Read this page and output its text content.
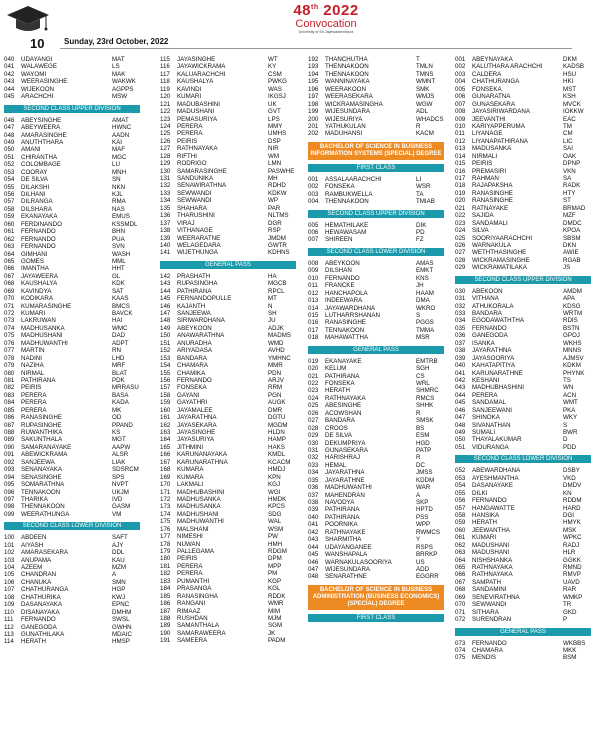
10 Sunday, 23rd October, 2022
48th 2022
Convocation
University of Sri Jayewardenepura
040	UDAYANGI	MAT
041	WALAWEGE	LS
042	WAYOMI	MAK
043	WEERASINGHE	WAKWK
044	WIJEKOON	AGPPS
045	ARACHCHI	MSW
SECOND CLASS UPPER DIVISION
046	ABEYSINGHE	AMAT
047	ABEYWEERA	HWNC
048	AMARASINGHE	AADN
049	ANUTHTHARA	KAI
050	AMANI	MAF
051	CHIRANTHA	MGC
052	COLOMBAGE	LU
053	COORAY	MNH
054	DE SILVA	SN
055	DILAKSHI	NKN
056	DILHANI	KJL
057	DILRANGA	RMA
058	DILSHARA	NAS
059	EKANAYAKA	EMUS
060	FERDINANDO	KSSMDL
061	FERNANDO	BHN
062	FERNANDO	PUA
063	FERNANDO	SVN
064	GIMHANI	WASH
065	GOMES	MML
066	IMANTHA	HHT
067	JAYAWEERA	GL
068	KAUSHALYA	KDK
069	KAVINDYA	SAT
070	KODIKARA	KAAS
071	KUMARASINGHE	BMCS
072	KUMARI	BAVCK
073	LAKRUWAN	HAI
074	MADHUSANKA	WMC
075	MADHUSHANI	DAD
076	MADHUWANTHI	ADPT
077	MARTIN	RN
078	NADINI	LHD
079	NAZIHA	MRF
080	NIRMAL	BLAT
081	PATHIRANA	PDK
082	PEIRIS	MRRASU
083	PERERA	BASA
084	PERERA	KADA
085	PERERA	MK
086	RANASINGHE	OD
087	RUPASINGHE	PPAND
088	RUWANTHIKA	KS
089	SAKUNTHALA	MGT
090	SAMARANAYAKE	AAPW
091	ABEWICKRAMA	ALSR
092	SANJEEWA	LIAK
093	SENANAYAKA	SDSRCM
094	SENASINGHE	SPS
095	SOMARATHNA	NVPT
096	TENNAKOON	UKJM
097	THARIKA	IVD
098	THENNAKOON	GASM
099	WEERATHUNGA	VM
SECOND CLASS LOWER DIVISION
100	ABDEEN	SAFT
101	AIYASH	AJY
102	AMARASEKARA	DDL
103	ANUPAMA	KAU
104	AZEEM	MZM
105	CHANDRAN	A
106	CHANUKA	SMN
107	CHATHURANGA	HGP
108	CHATHURIKA	KWJ
109	DASANAYAKA	EPNC
110	DISANAYAKA	DMHM
111	FERNANDO	SWSL
112	GANEGODA	GWHN
113	GUNATHILAKA	MDAIC
114	HERATH	HMSP
115	JAYASINGHE	WT
116	JAYAWICKRAMA	KY
117	KALUARACHCHI	CSM
118	KAUSHALYA	PWKG
119	KAVINDI	WAS
120	KUMARI	IKGSJ
121	MADUBASHINI	UK
122	MADUSHANI	GVT
123	PEMASURIYA	LPS
124	PERERA	MMY
125	PERERA	UMHS
126	PEIRIS	DSP
127	RATHNAYAKA	NIR
128	RIFTHI	WM
129	RODRIGO	LMN
130	SAMARASINGHE	PASWHE
131	SANDUNIKA	MH
132	SENAWIRATHNA	RDHD
133	SEWWANDI	KDKW
134	SEWWANDI	WP
135	SHAHARA	PAR
136	THARUSHINI	NLTMS
137	VIRAJ	DGR
138	VITHANAGE	RSP
139	WEERARATNE	JMDM
140	WELAGEDARA	GWTR
141	WIJETHUNGA	KDHNS
GENERAL PASS
142	PRASHATH	HA
143	RUPASINGHA	MGCB
144	PATHIRANA	RPCL
145	FERNANDOPULLE	MT
146	KAJANTH	N
147	SANJEEWA	SH
148	SIRIWARDHANA	JU
149	ABEYKOON	ADJK
150	ANAWARATHNA	MADMS
151	ANURADHA	WMD
152	ARIYADASA	AVHD
153	BANDARA	YMHNC
154	CHAMARA	MMR
155	CHAMIKA	PDN
156	FERNANDO	ARJV
157	FONSEKA	RRM
158	GAYANI	PGN
159	GAYATHRI	AUGK
160	JAYAMALEE	DMR
161	JAYARATHNA	DGTU
162	JAYASEKARA	MGDM
163	JAYASINGHE	HLDN
164	JAYASURIYA	HAMP
165	JITHMINI	HAKS
166	KARUNANAYAKA	KMDL
167	KARUNARATHNA	KCACM
168	KUMARA	HMDJ
169	KUMARA	KPN
170	LAKMALI	KGJ
171	MADHUBASHINI	WGI
172	MADHUSANKA	HMDK
173	MADHUSANKA	KPCS
174	MADHUSHANI	SDG
175	MADHUWANTHI	WAL
176	MALSHANI	WSM
177	NIMESHI	PW
178	NUWAN	HMH
179	PALLEGAMA	RDGM
180	PEIRIS	DPM
181	PERERA	MPP
182	PERERA	PM
183	PUMANTHI	KGP
184	PRASANGA	KGL
185	RANASINGHA	RDDK
186	RANGANI	WMR
187	RIMAAZ	MIM
188	RUSHDAN	MJM
189	SAMANTHALA	SGM
190	SAMARAWEERA	JK
191	SAMEERA	PADM
192	THANCHUTHA	T
193	THENNAKOON	TMLN
194	THENNAKOON	TMNS
195	WANNINAYAKA	WMNT
196	WEERAKOON	SMK
197	WEERASEKARA	WMJS
198	WICKRAMASINGHA	WGW
199	WIJESUNDARA	ADL
200	WIJESURIYA	WHADCS
201	YATHUKULAN	R
202	MADUHANSI	KACM
BACHELOR OF SCIENCE IN BUSINESS INFORMATION SYSTEMS (SPECIAL) DEGREE
FIRST CLASS
001	ASSALAARACHCHI	LI
002	FONSEKA	WSR
003	RAMBUKWELLA	TA
004	THENNAKOON	TMIAB
SECOND CLASS UPPER DIVISION
005	HEMATHILAKE	DIK
006	HEWAWASAM	PD
007	SHIREEN	FZ
SECOND CLASS LOWER DIVISION
008	ABEYKOON	AMAS
009	DILSHAN	EMKT
010	FERNANDO	KNS
011	FRANCKE	JH
012	HANCHAPOLA	HAAM
013	INDEEWARA	DMA
014	JAYAWARDHANA	WKRO
015	LUTHARRSHANAN	S
016	RANASINGHE	PGGS
017	TENNAKOON	TMMA
018	MAHAWATTHA	MSR
GENERAL PASS
019	EKANAYAKE	EMTRB
020	KELUM	SGH
021	PATHIRANA	CS
022	FONSEKA	WRL
023	HERATH	SHMRC
024	RATHNAYAKA	RMCS
025	ABESINGHE	SHHK
026	ACOWSHAN	R
027	BANDARA	SMSK
028	CROOS	BS
029	DE SILVA	ESM
030	DEKUMPRIYA	HGD
031	GUNASEKARA	PATP
032	HARISHRAJ	R
033	HEMAL	DC
034	JAYARATHNA	JMSS
035	JAYARATHNE	KDDM
036	MADHUWANTHI	WAR
037	MAHENDRAN	A
038	NAVODYA	SKP
039	PATHIRANA	HPTD
040	PATHIRANA	PSS
041	POORNIKA	WPP
042	RATHNAYAKE	RWMCS
043	SHARMITHA	Y
044	UDAYANGANEE	RSPS
045	WANSHAPALA	BRRKP
046	WARNAKULASOORIYA	US
047	WIJESUNDARA	ADD
048	SENARATHNE	EGGRR
BACHELOR OF SCIENCE IN BUSINESS ADMINISTRATION (BUSINESS ECONOMICS) (SPECIAL) DEGREE
FIRST CLASS
001	ABEYNAYAKA	DKM
002	KALUTHARA ARACHCHI	KADSB
003	CALDERA	HSU
004	CHATHURANGA	HKI
005	FONSEKA	MST
006	GUNARATNA	KSH
007	GUNASEKARA	MVCK
008	JAYASIRIWARDANA	IOKKW
009	JEEVANTHI	EAC
010	KARIYAPPERUMA	TM
011	LIYANAGE	CM
012	LIYANAPATHIRANA	LIC
013	MADUSANKA	SAI
014	NIRMALI	OAK
015	PEIRIS	DPNP
016	PREMASIRI	VKN
017	RAHMAN	SA
018	RAJAPAKSHA	RADK
019	RANASINGHE	HTY
020	RANASINGHE	ST
021	RATNAYAKE	BRMAD
022	SAJIDA	MZF
023	SANDAMALI	DMDC
024	SILVA	KPOA
025	SOORIYAARACHCHI	SBSM
026	WARNAKULA	DKN
027	WETHTHASINGHE	AWIE
028	WICKRAMASINGHE	RGAB
029	WICKRAMATILAKA	JS
SECOND CLASS UPPER DIVISION
030	ABEKOON	AMDM
031	VITHANA	APA
032	ATHUKORALA	KDSG
033	BANDARA	WRTM
034	EGODAWATHTHA	RDIS
035	FERNANDO	BSTN
036	GANEGODA	GPOJ
037	ISANKA	WKHS
038	JAYARATHNA	MNNS
039	JAYASOORIYA	AJMSV
040	KAHATAPITIYA	KDKM
041	KARUNARATHNE	PHYNK
042	KESHANI	TS
043	MADHUBHASHINI	WN
044	PERERA	ACN
045	SANDAMAL	WMT
046	SANJEEWANI	PKA
047	SHINOKA	WKY
048	SIVANATHAN	S
049	SUMALI	BWR
050	THAYALAKUMAR	D
051	VIDURANGA	PDD
SECOND CLASS LOWER DIVISION
052	ABEWARDHANA	DSBY
053	AYESHMANTHA	VKD
054	DASANAYAKE	DMDV
055	DILKI	KN
056	FERNANDO	RDDM
057	HANGAWATTE	HARD
058	HANSIKA	DGI
059	HERATH	HMYK
060	JEEWANTHA	MSK
061	KUMARI	WPKC
062	MADUSHANI	RADJ
063	MADUSHANI	HLR
064	NISHSHANKA	GGKK
065	RATHNAYAKA	RMND
066	RATHNAYAKA	RMVP
067	SAMPATH	UAVD
068	SANDAMINI	RAR
069	SENEVIRATHNA	WMKP
070	SEWWANDI	TR
071	SITHARA	GKD
072	SURENDRAN	P
GENERAL PASS
073	FERNANDO	WKBBS
074	CHAMARA	MKK
075	MENDIS	BSM
